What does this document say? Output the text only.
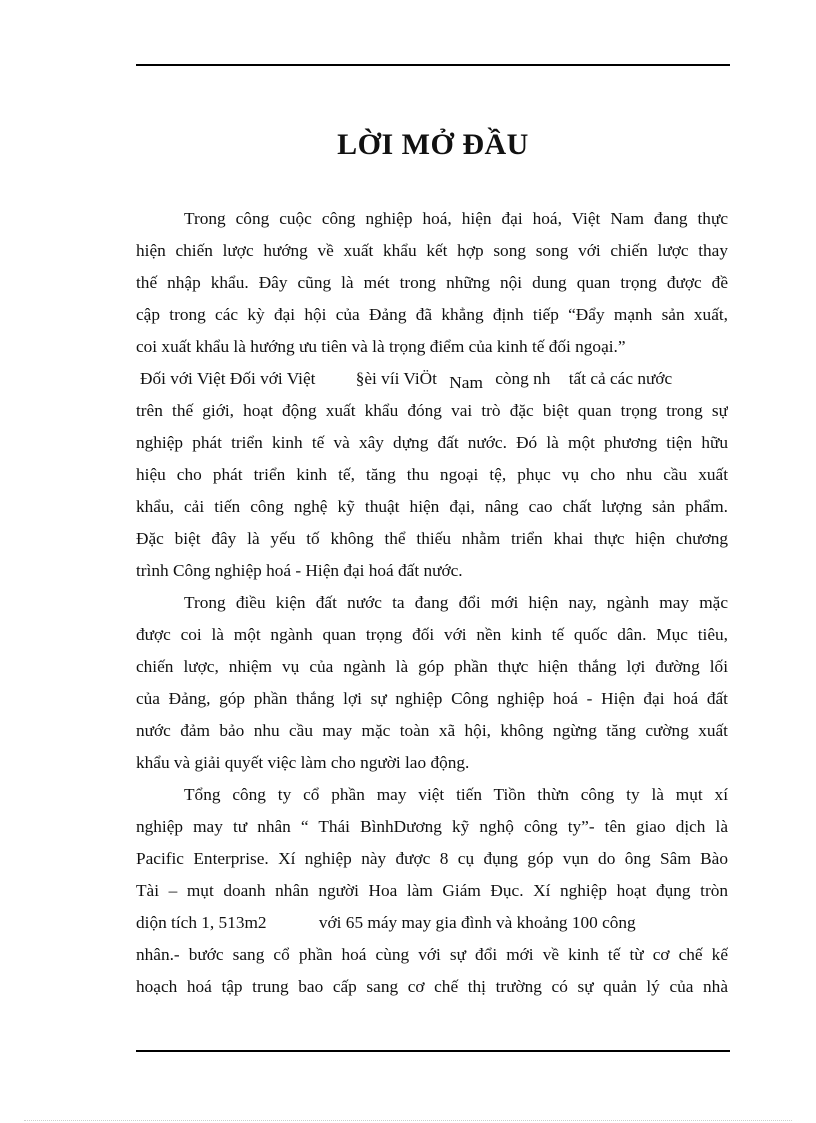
LỜI MỞ ĐẦU
Trong công cuộc công nghiệp hoá, hiện đại hoá, Việt Nam đang thực
hiện chiến lược hướng về xuất khẩu kết hợp song song với chiến lược thay
thế nhập khẩu. Đây cũng là mét trong những nội dung quan trọng được đề
cập trong các kỳ đại hội của Đảng đã khẳng định tiếp “Đẩy mạnh sản xuất,
coi xuất khẩu là hướng ưu tiên và là trọng điểm của kinh tế đối ngoại.”
Đối với Việt Đối với Việt §èi víi ViÖt Nam còng nh tất cả các nước
trên thế giới, hoạt động xuất khẩu đóng vai trò đặc biệt quan trọng trong sự
nghiệp phát triển kinh tế và xây dựng đất nước. Đó là một phương tiện hữu
hiệu cho phát triển kinh tế, tăng thu ngoại tệ, phục vụ cho nhu cầu xuất
khẩu, cải tiến công nghệ kỹ thuật hiện đại, nâng cao chất lượng sản phẩm.
Đặc biệt đây là yếu tố không thể thiếu nhằm triển khai thực hiện chương
trình Công nghiệp hoá - Hiện đại hoá đất nước.
Trong điều kiện đất nước ta đang đổi mới hiện nay, ngành may mặc
được coi là một ngành quan trọng đối với nền kinh tế quốc dân. Mục tiêu,
chiến lược, nhiệm vụ của ngành là góp phần thực hiện thắng lợi đường lối
của Đảng, góp phần thắng lợi sự nghiệp Công nghiệp hoá - Hiện đại hoá đất
nước đảm bảo nhu cầu may mặc toàn xã hội, không ngừng tăng cường xuất
khẩu và giải quyết việc làm cho người lao động.
Tổng công ty cổ phần may việt tiến Tiồn thừn công ty là mụt xí
nghiệp may tư nhân “ Thái BìnhDương kỹ nghộ công ty”- tên giao dịch là
Pacific Enterprise. Xí nghiệp này được 8 cụ đụng góp vụn do ông Sâm Bào
Tài – mụt doanh nhân người Hoa làm Giám Đục. Xí nghiệp hoạt đụng tròn
diộn tích 1, 513m2	với 65 máy may gia đình và khoảng 100 công
nhân.- bước sang cổ phần hoá cùng với sự đổi mới về kinh tế từ cơ chế kế
hoạch hoá tập trung bao cấp sang cơ chế thị trường có sự quản lý của nhà
